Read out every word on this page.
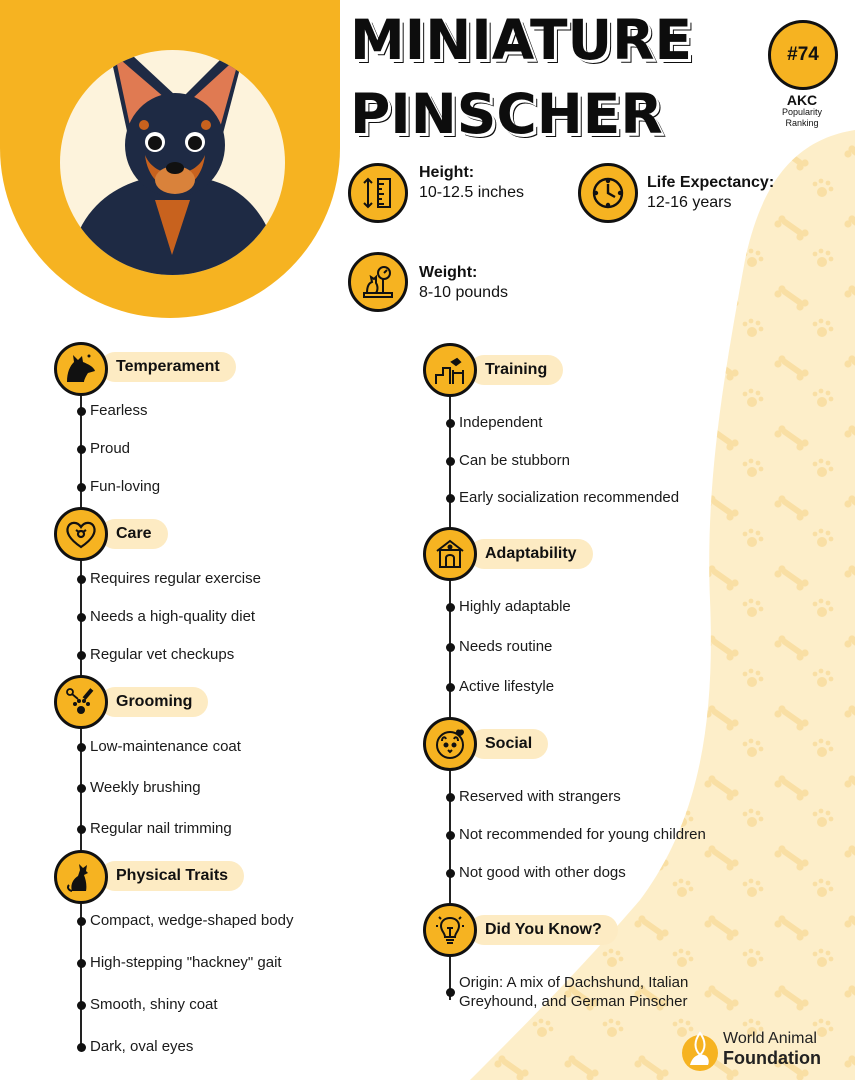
MINIATURE
PINSCHER
#74
AKC
Popularity
Ranking
Height:
10-12.5 inches
Life Expectancy:
12-16 years
Weight:
8-10 pounds
Temperament
Fearless
Proud
Fun-loving
Care
Requires regular exercise
Needs a high-quality diet
Regular vet checkups
Grooming
Low-maintenance coat
Weekly brushing
Regular nail trimming
Physical Traits
Compact, wedge-shaped body
High-stepping "hackney" gait
Smooth, shiny coat
Dark, oval eyes
Training
Independent
Can be stubborn
Early socialization recommended
Adaptability
Highly adaptable
Needs routine
Active lifestyle
Social
Reserved with strangers
Not recommended for young children
Not good with other dogs
Did You Know?
Origin: A mix of Dachshund, Italian
Greyhound, and German Pinscher
World Animal
Foundation
